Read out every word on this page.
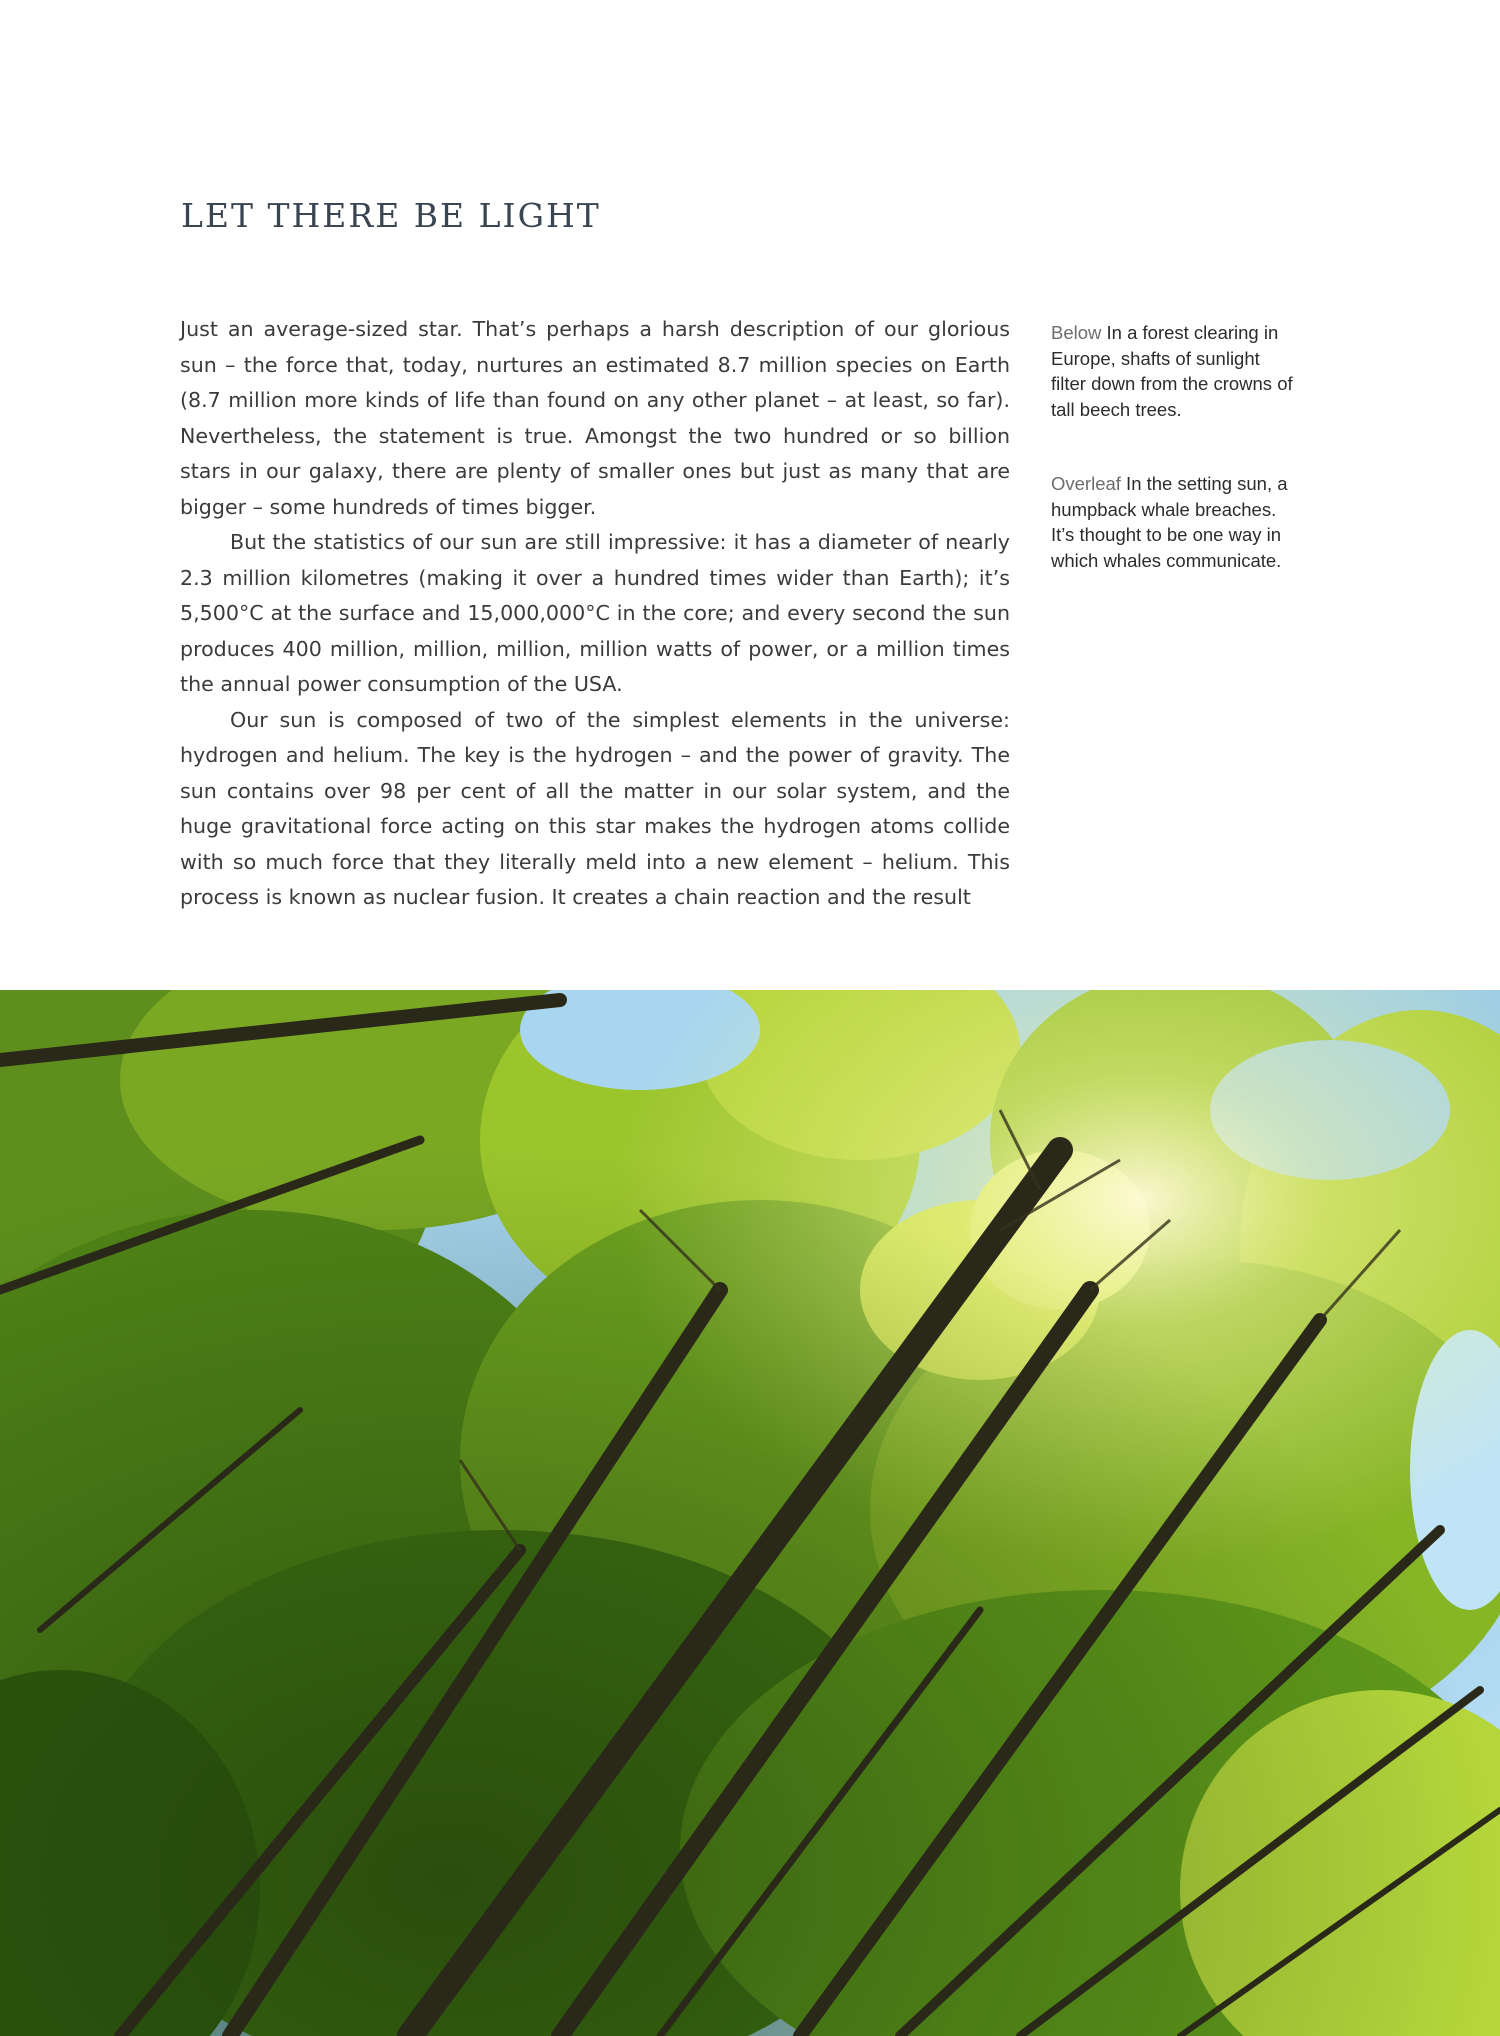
LET THERE BE LIGHT

Just an average-sized star. That’s perhaps a harsh description of our glorious sun – the force that, today, nurtures an estimated 8.7 million species on Earth (8.7 million more kinds of life than found on any other planet – at least, so far). Nevertheless, the statement is true. Amongst the two hundred or so billion stars in our galaxy, there are plenty of smaller ones but just as many that are bigger – some hundreds of times bigger.

But the statistics of our sun are still impressive: it has a diameter of nearly 2.3 million kilometres (making it over a hundred times wider than Earth); it’s 5,500°C at the surface and 15,000,000°C in the core; and every second the sun produces 400 million, million, million, million watts of power, or a million times the annual power consumption of the USA.

Our sun is composed of two of the simplest elements in the universe: hydrogen and helium. The key is the hydrogen – and the power of gravity. The sun contains over 98 per cent of all the matter in our solar system, and the huge gravitational force acting on this star makes the hydrogen atoms collide with so much force that they literally meld into a new element – helium. This process is known as nuclear fusion. It creates a chain reaction and the result

Below In a forest clearing in Europe, shafts of sunlight filter down from the crowns of tall beech trees.
Overleaf In the setting sun, a humpback whale breaches. It’s thought to be one way in which whales communicate.
